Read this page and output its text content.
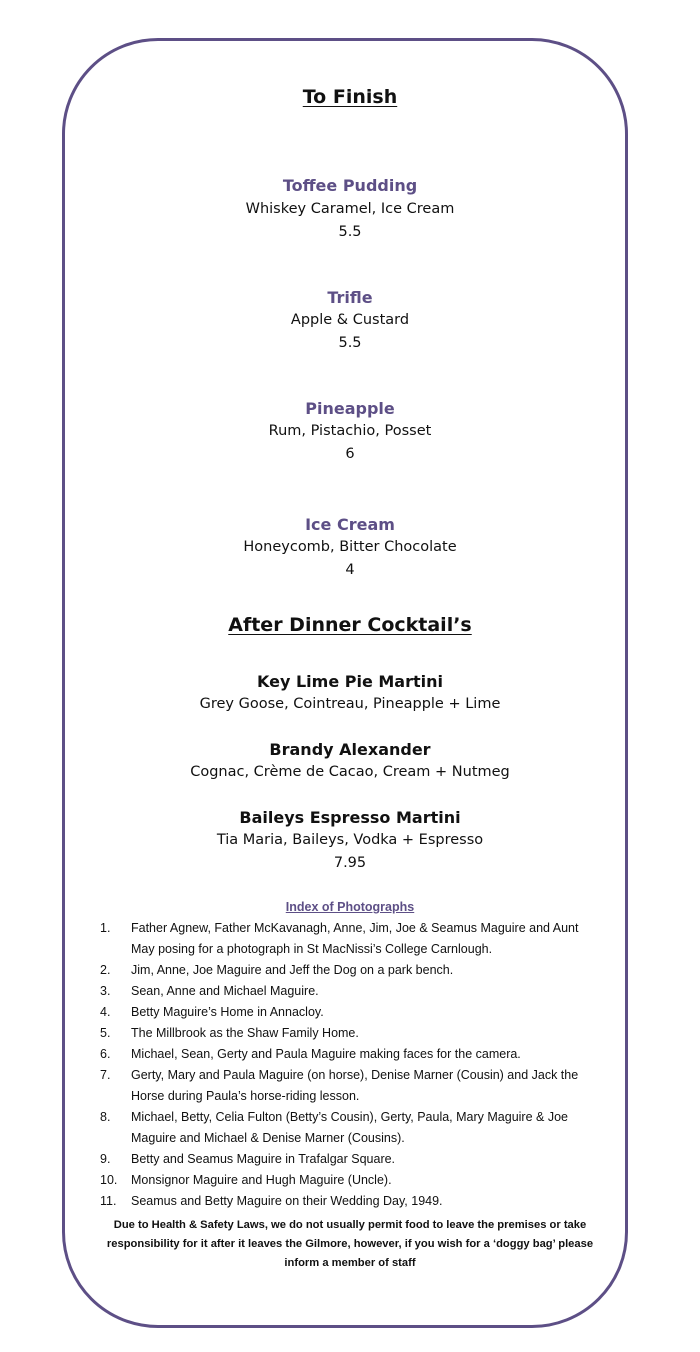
To Finish
Toffee Pudding
Whiskey Caramel, Ice Cream
5.5
Trifle
Apple & Custard
5.5
Pineapple
Rum, Pistachio, Posset
6
Ice Cream
Honeycomb, Bitter Chocolate
4
After Dinner Cocktail’s
Key Lime Pie Martini
Grey Goose, Cointreau, Pineapple + Lime
Brandy Alexander
Cognac, Crème de Cacao, Cream + Nutmeg
Baileys Espresso Martini
Tia Maria, Baileys, Vodka + Espresso
7.95
Index of Photographs
1.	Father Agnew, Father McKavanagh, Anne, Jim, Joe & Seamus Maguire and Aunt May posing for a photograph in St MacNissi’s College Carnlough.
2.	Jim, Anne, Joe Maguire and Jeff the Dog on a park bench.
3.	Sean, Anne and Michael Maguire.
4.	Betty Maguire’s Home in Annacloy.
5.	The Millbrook as the Shaw Family Home.
6.	Michael, Sean, Gerty and Paula Maguire making faces for the camera.
7.	Gerty, Mary and Paula Maguire (on horse), Denise Marner (Cousin) and Jack the Horse during Paula’s horse-riding lesson.
8.	Michael, Betty, Celia Fulton (Betty’s Cousin), Gerty, Paula, Mary Maguire & Joe Maguire and Michael & Denise Marner (Cousins).
9.	Betty and Seamus Maguire in Trafalgar Square.
10.	Monsignor Maguire and Hugh Maguire (Uncle).
11.	Seamus and Betty Maguire on their Wedding Day, 1949.
Due to Health & Safety Laws, we do not usually permit food to leave the premises or take responsibility for it after it leaves the Gilmore, however, if you wish for a ‘doggy bag’ please inform a member of staff
